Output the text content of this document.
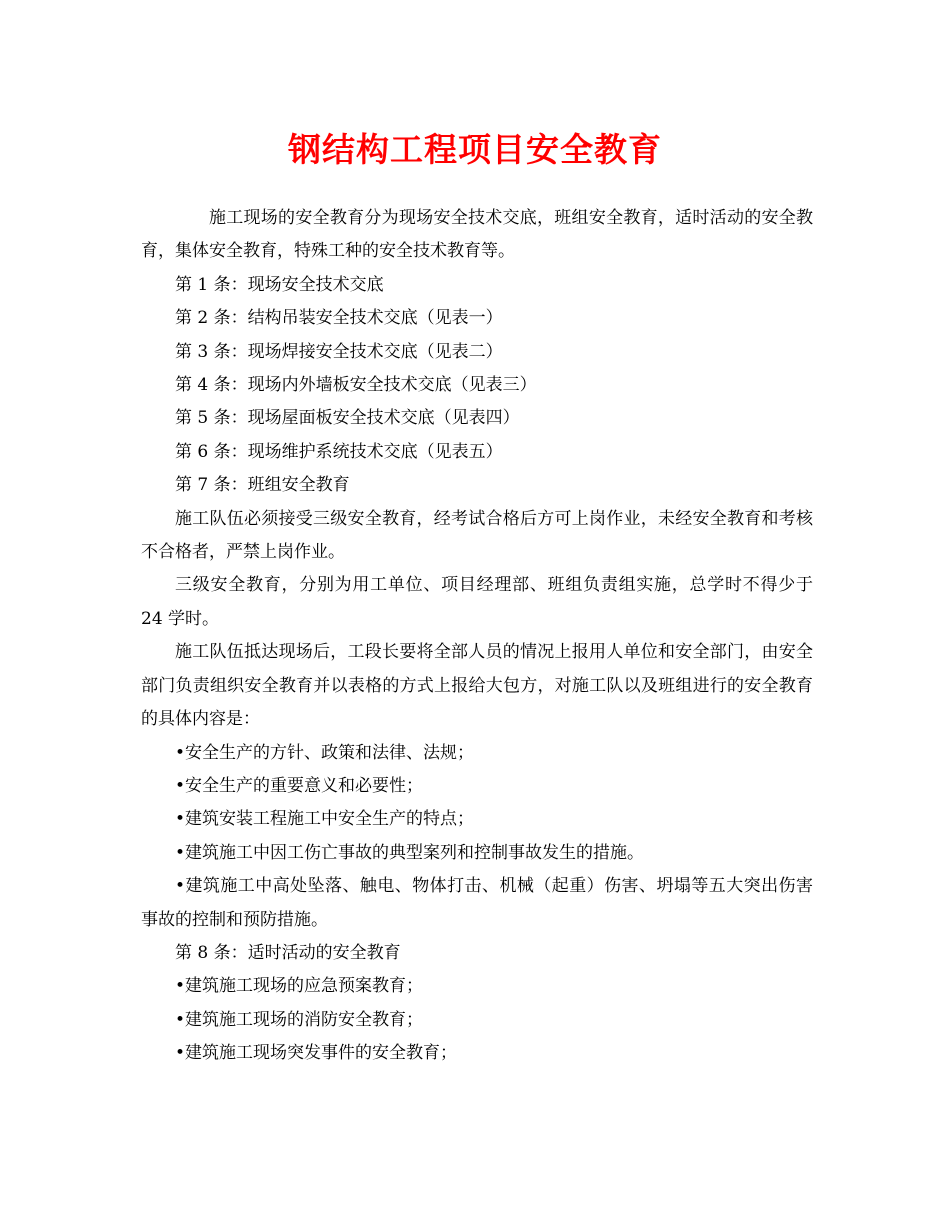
钢结构工程项目安全教育

施工现场的安全教育分为现场安全技术交底，班组安全教育，适时活动的安全教育，集体安全教育，特殊工种的安全技术教育等。

第 1 条：现场安全技术交底

第 2 条：结构吊装安全技术交底（见表一）

第 3 条：现场焊接安全技术交底（见表二）

第 4 条：现场内外墙板安全技术交底（见表三）

第 5 条：现场屋面板安全技术交底（见表四）

第 6 条：现场维护系统技术交底（见表五）

第 7 条：班组安全教育

施工队伍必须接受三级安全教育，经考试合格后方可上岗作业，未经安全教育和考核不合格者，严禁上岗作业。

三级安全教育，分别为用工单位、项目经理部、班组负责组实施，总学时不得少于 24 学时。

施工队伍抵达现场后，工段长要将全部人员的情况上报用人单位和安全部门，由安全部门负责组织安全教育并以表格的方式上报给大包方，对施工队以及班组进行的安全教育的具体内容是：

•安全生产的方针、政策和法律、法规；

•安全生产的重要意义和必要性；

•建筑安装工程施工中安全生产的特点；

•建筑施工中因工伤亡事故的典型案列和控制事故发生的措施。

•建筑施工中高处坠落、触电、物体打击、机械（起重）伤害、坍塌等五大突出伤害事故的控制和预防措施。

第 8 条：适时活动的安全教育

•建筑施工现场的应急预案教育；

•建筑施工现场的消防安全教育；

•建筑施工现场突发事件的安全教育；
